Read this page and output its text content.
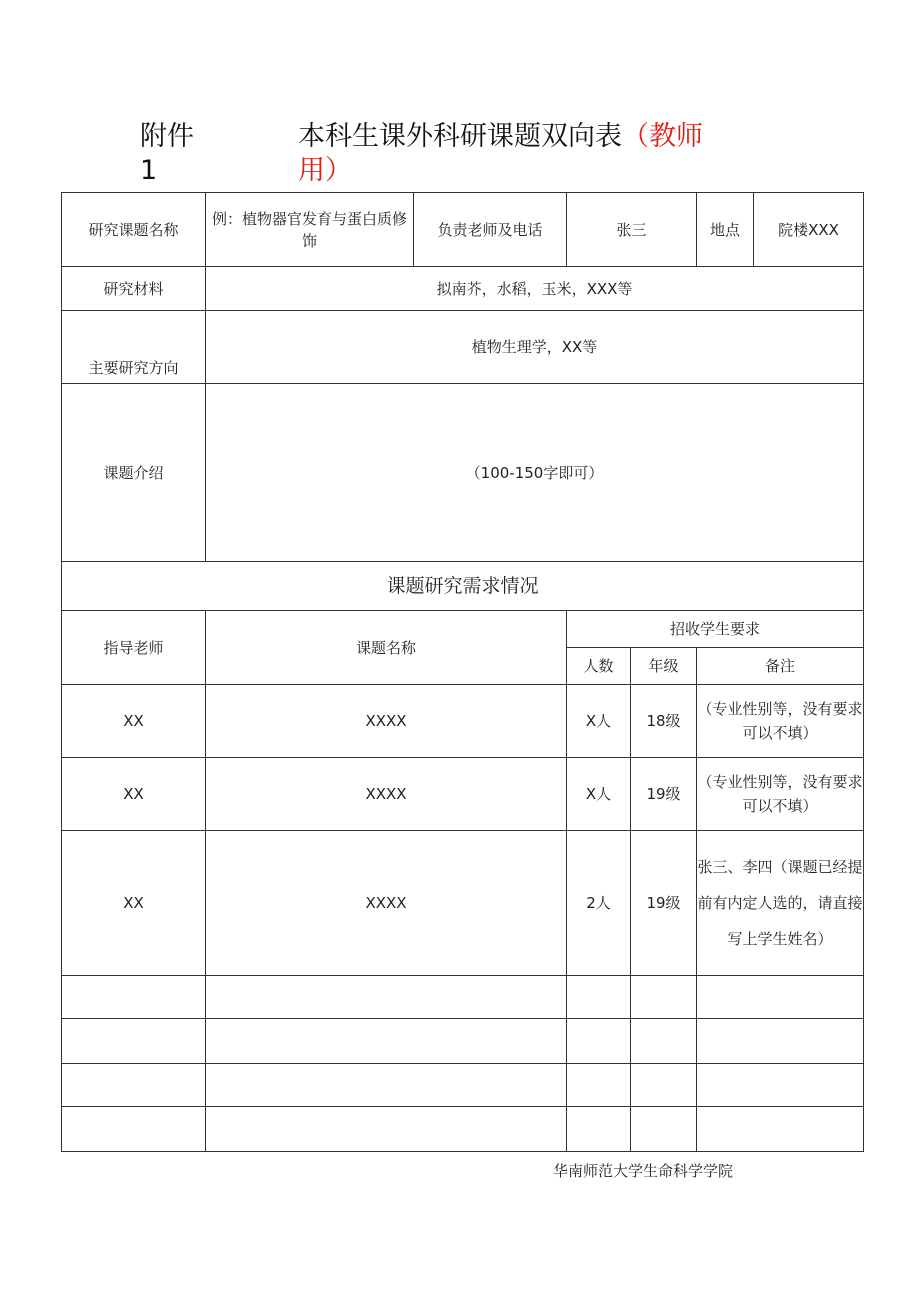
附件
1
本科生课外科研课题双向表（教师用）
研究课题名称	例：植物器官发育与蛋白质修饰	负责老师及电话	张三		地点	院楼XXX
研究材料	拟南芥，水稻，玉米，XXX等					
主要研究方向	植物生理学，XX等					
课题介绍	（100-150字即可）					
课题研究需求情况						
指导老师	课题名称		招收学生要求			
			人数	年级	备注	
XX	XXXX		X人	18级	（专业性别等，没有要求可以不填）	
XX	XXXX		X人	19级	（专业性别等，没有要求可以不填）	
XX	XXXX		2人	19级	张三、李四（课题已经提前有内定人选的，请直接写上学生姓名）	

华南师范大学生命科学学院
